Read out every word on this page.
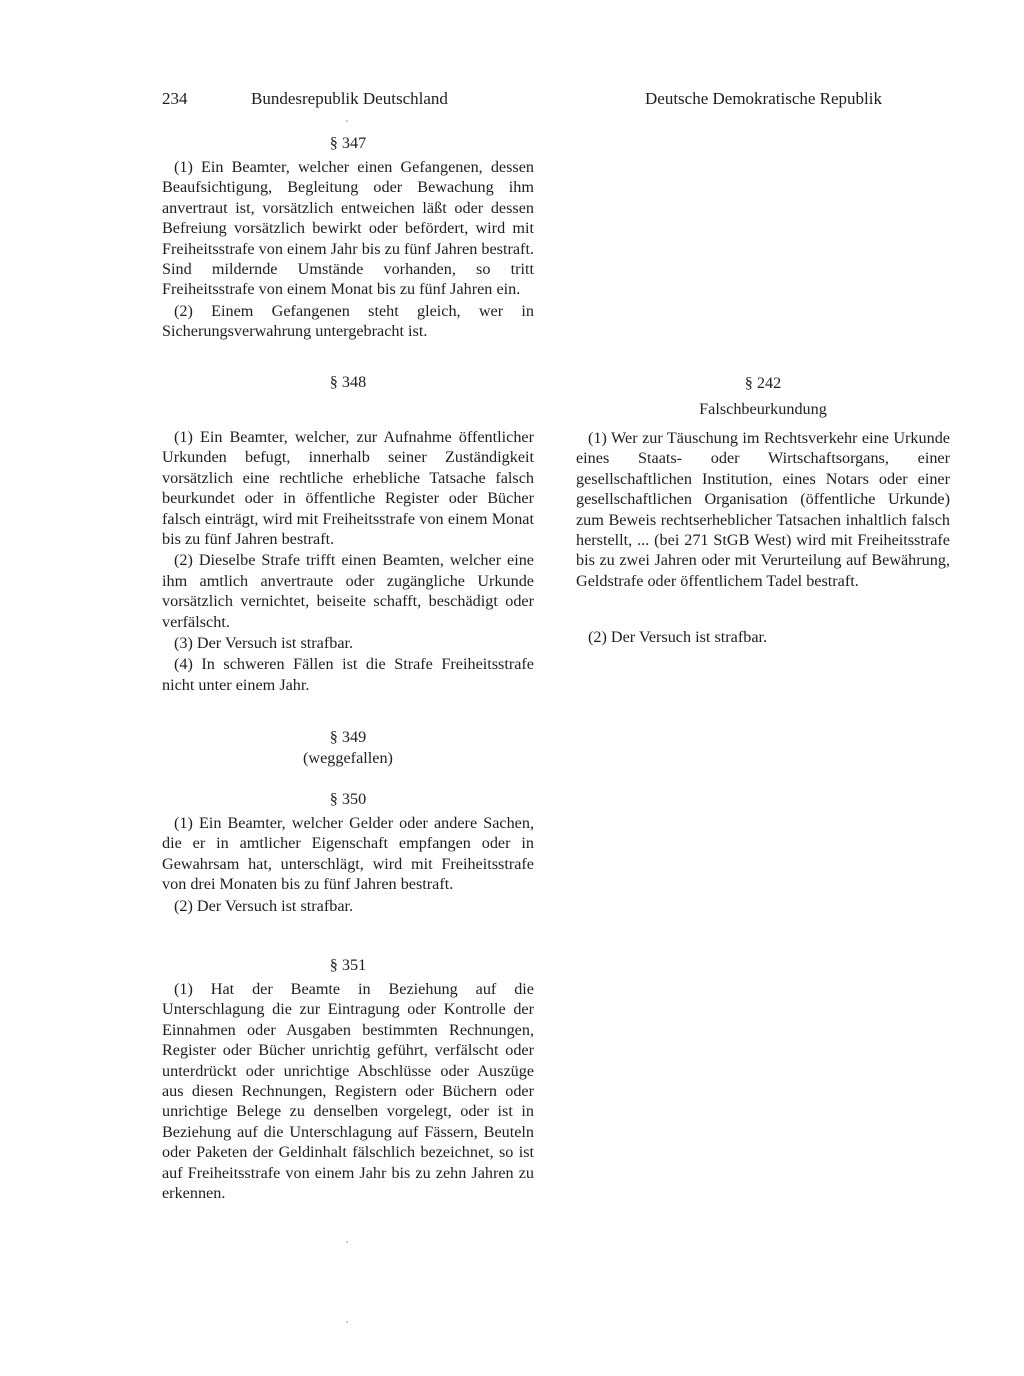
234	Bundesrepublik Deutschland	Deutsche Demokratische Republik
§ 347

(1) Ein Beamter, welcher einen Gefangenen, dessen Beaufsichtigung, Begleitung oder Bewachung ihm anvertraut ist, vorsätzlich entweichen läßt oder dessen Befreiung vorsätzlich bewirkt oder befördert, wird mit Freiheitsstrafe von einem Jahr bis zu fünf Jahren bestraft. Sind mildernde Umstände vorhanden, so tritt Freiheitsstrafe von einem Monat bis zu fünf Jahren ein.

(2) Einem Gefangenen steht gleich, wer in Sicherungsverwahrung untergebracht ist.

§ 348

(1) Ein Beamter, welcher, zur Aufnahme öffentlicher Urkunden befugt, innerhalb seiner Zuständigkeit vorsätzlich eine rechtliche erhebliche Tatsache falsch beurkundet oder in öffentliche Register oder Bücher falsch einträgt, wird mit Freiheitsstrafe von einem Monat bis zu fünf Jahren bestraft.

(2) Dieselbe Strafe trifft einen Beamten, welcher eine ihm amtlich anvertraute oder zugängliche Urkunde vorsätzlich vernichtet, beiseite schafft, beschädigt oder verfälscht.

(3) Der Versuch ist strafbar.

(4) In schweren Fällen ist die Strafe Freiheitsstrafe nicht unter einem Jahr.

§ 349
(weggefallen)
§ 350

(1) Ein Beamter, welcher Gelder oder andere Sachen, die er in amtlicher Eigenschaft empfangen oder in Gewahrsam hat, unterschlägt, wird mit Freiheitsstrafe von drei Monaten bis zu fünf Jahren bestraft.

(2) Der Versuch ist strafbar.

§ 351

(1) Hat der Beamte in Beziehung auf die Unterschlagung die zur Eintragung oder Kontrolle der Einnahmen oder Ausgaben bestimmten Rechnungen, Register oder Bücher unrichtig geführt, verfälscht oder unterdrückt oder unrichtige Abschlüsse oder Auszüge aus diesen Rechnungen, Registern oder Büchern oder unrichtige Belege zu denselben vorgelegt, oder ist in Beziehung auf die Unterschlagung auf Fässern, Beuteln oder Paketen der Geldinhalt fälschlich bezeichnet, so ist auf Freiheitsstrafe von einem Jahr bis zu zehn Jahren zu erkennen.

§ 242
Falschbeurkundung

(1) Wer zur Täuschung im Rechtsverkehr eine Urkunde eines Staats- oder Wirtschaftsorgans, einer gesellschaftlichen Institution, eines Notars oder einer gesellschaftlichen Organisation (öffentliche Urkunde) zum Beweis rechtserheblicher Tatsachen inhaltlich falsch herstellt, ... (bei 271 StGB West) wird mit Freiheitsstrafe bis zu zwei Jahren oder mit Verurteilung auf Bewährung, Geldstrafe oder öffentlichem Tadel bestraft.

(2) Der Versuch ist strafbar.
